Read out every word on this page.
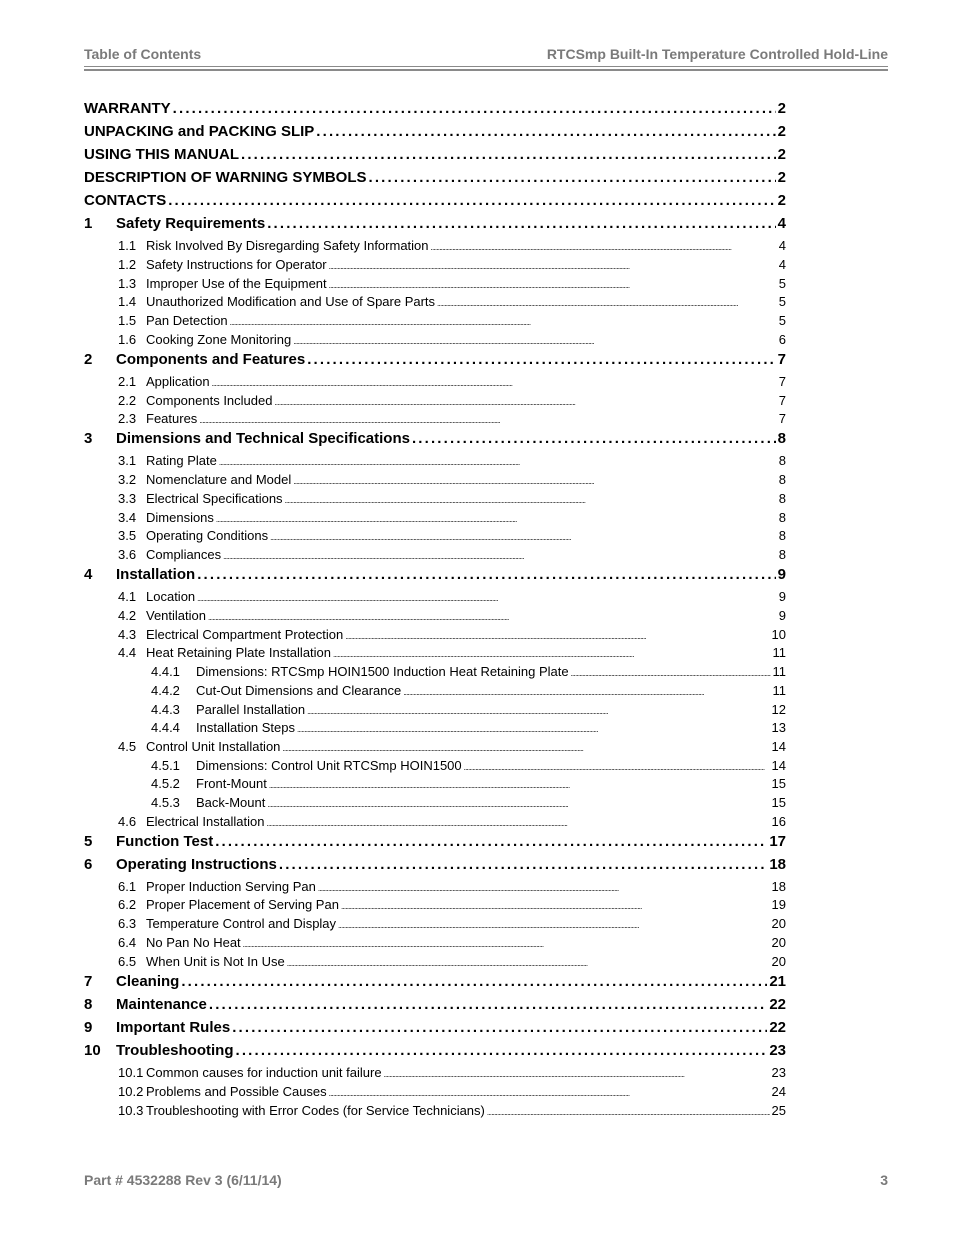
Table of Contents	RTCSmp Built-In Temperature Controlled Hold-Line
WARRANTY . . .	2
UNPACKING and PACKING SLIP . . .	2
USING THIS MANUAL . . .	2
DESCRIPTION OF WARNING SYMBOLS . . .	2
CONTACTS . . .	2
1	Safety Requirements . . .	4
1.1 Risk Involved By Disregarding Safety Information . . .	4
1.2 Safety Instructions for Operator . . .	4
1.3 Improper Use of the Equipment . . .	5
1.4 Unauthorized Modification and Use of Spare Parts . . .	5
1.5 Pan Detection . . .	5
1.6 Cooking Zone Monitoring . . .	6
2	Components and Features . . .	7
2.1 Application . . .	7
2.2 Components Included . . .	7
2.3 Features . . .	7
3	Dimensions and Technical Specifications . . .	8
3.1 Rating Plate . . .	8
3.2 Nomenclature and Model . . .	8
3.3 Electrical Specifications . . .	8
3.4 Dimensions . . .	8
3.5 Operating Conditions . . .	8
3.6 Compliances . . .	8
4	Installation . . .	9
4.1 Location . . .	9
4.2 Ventilation . . .	9
4.3 Electrical Compartment Protection . . .	10
4.4 Heat Retaining Plate Installation . . .	11
4.4.1	Dimensions: RTCSmp HOIN1500 Induction Heat Retaining Plate . . .	11
4.4.2	Cut-Out Dimensions and Clearance . . .	11
4.4.3	Parallel Installation . . .	12
4.4.4	Installation Steps . . .	13
4.5 Control Unit Installation . . .	14
4.5.1	Dimensions: Control Unit RTCSmp HOIN1500 . . .	14
4.5.2	Front-Mount . . .	15
4.5.3	Back-Mount . . .	15
4.6 Electrical Installation . . .	16
5	Function Test . . .	17
6	Operating Instructions . . .	18
6.1 Proper Induction Serving Pan . . .	18
6.2 Proper Placement of Serving Pan . . .	19
6.3 Temperature Control and Display . . .	20
6.4 No Pan No Heat . . .	20
6.5 When Unit is Not In Use . . .	20
7	Cleaning . . .	21
8	Maintenance . . .	22
9	Important Rules . . .	22
10	Troubleshooting . . .	23
10.1 Common causes for induction unit failure . . .	23
10.2 Problems and Possible Causes . . .	24
10.3 Troubleshooting with Error Codes (for Service Technicians) . . .	25
Part # 4532288 Rev 3 (6/11/14)	3
